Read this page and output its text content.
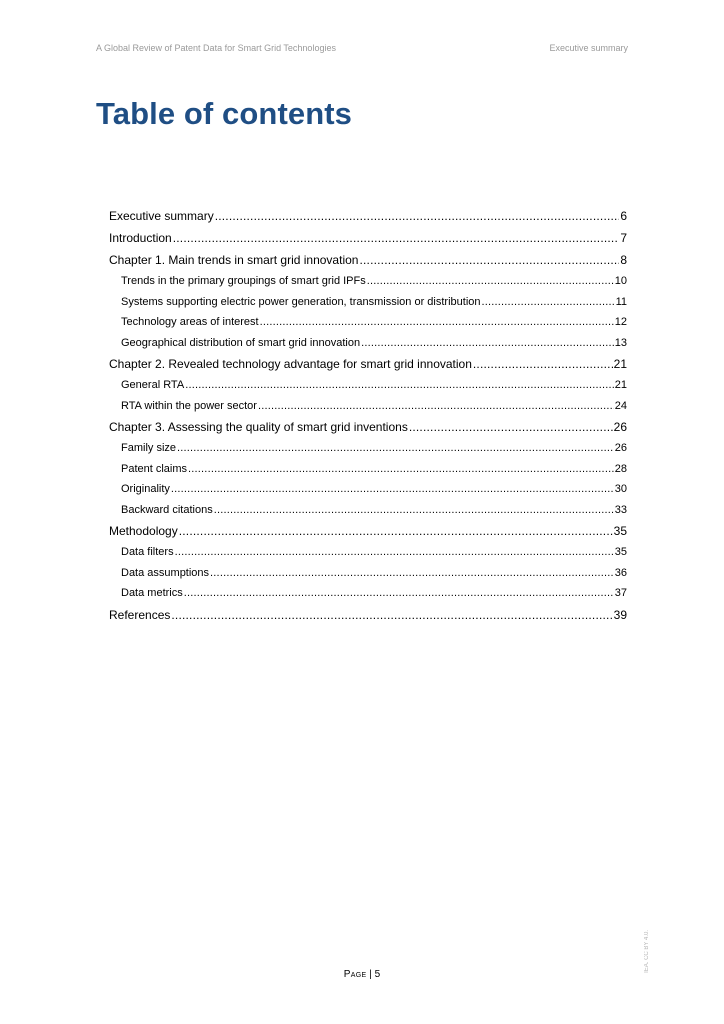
A Global Review of Patent Data for Smart Grid Technologies	Executive summary
Table of contents
Executive summary .....	6
Introduction .....	7
Chapter 1. Main trends in smart grid innovation .....	8
Trends in the primary groupings of smart grid IPFs .....	10
Systems supporting electric power generation, transmission or distribution .....	11
Technology areas of interest .....	12
Geographical distribution of smart grid innovation .....	13
Chapter 2. Revealed technology advantage for smart grid innovation .....	21
General RTA .....	21
RTA within the power sector .....	24
Chapter 3. Assessing the quality of smart grid inventions .....	26
Family size .....	26
Patent claims .....	28
Originality .....	30
Backward citations .....	33
Methodology .....	35
Data filters .....	35
Data assumptions .....	36
Data metrics .....	37
References .....	39
Page | 5
IEA. CC BY 4.0.
